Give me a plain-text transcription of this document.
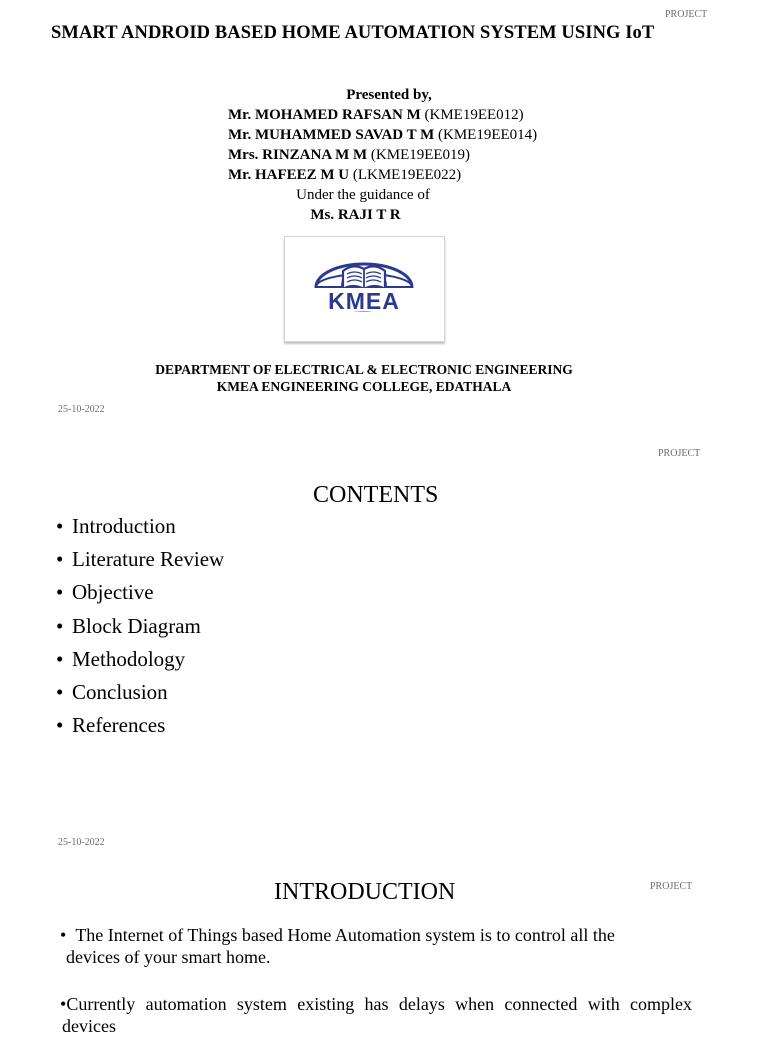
PROJECT
SMART ANDROID BASED HOME AUTOMATION SYSTEM USING IoT
Presented by,
Mr. MOHAMED RAFSAN M (KME19EE012)
Mr. MUHAMMED SAVAD T M (KME19EE014)
Mrs. RINZANA M M (KME19EE019)
Mr. HAFEEZ M U (LKME19EE022)
Under the guidance of
Ms. RAJI T R
KMEA
DEPARTMENT OF ELECTRICAL & ELECTRONIC ENGINEERING
KMEA ENGINEERING COLLEGE, EDATHALA
25-10-2022
PROJECT
CONTENTS
• Introduction
• Literature Review
• Objective
• Block Diagram
• Methodology
• Conclusion
• References
25-10-2022
PROJECT
INTRODUCTION
• The Internet of Things based Home Automation system is to control all the
devices of your smart home.
•Currently automation system existing has delays when connected with complex
devices
